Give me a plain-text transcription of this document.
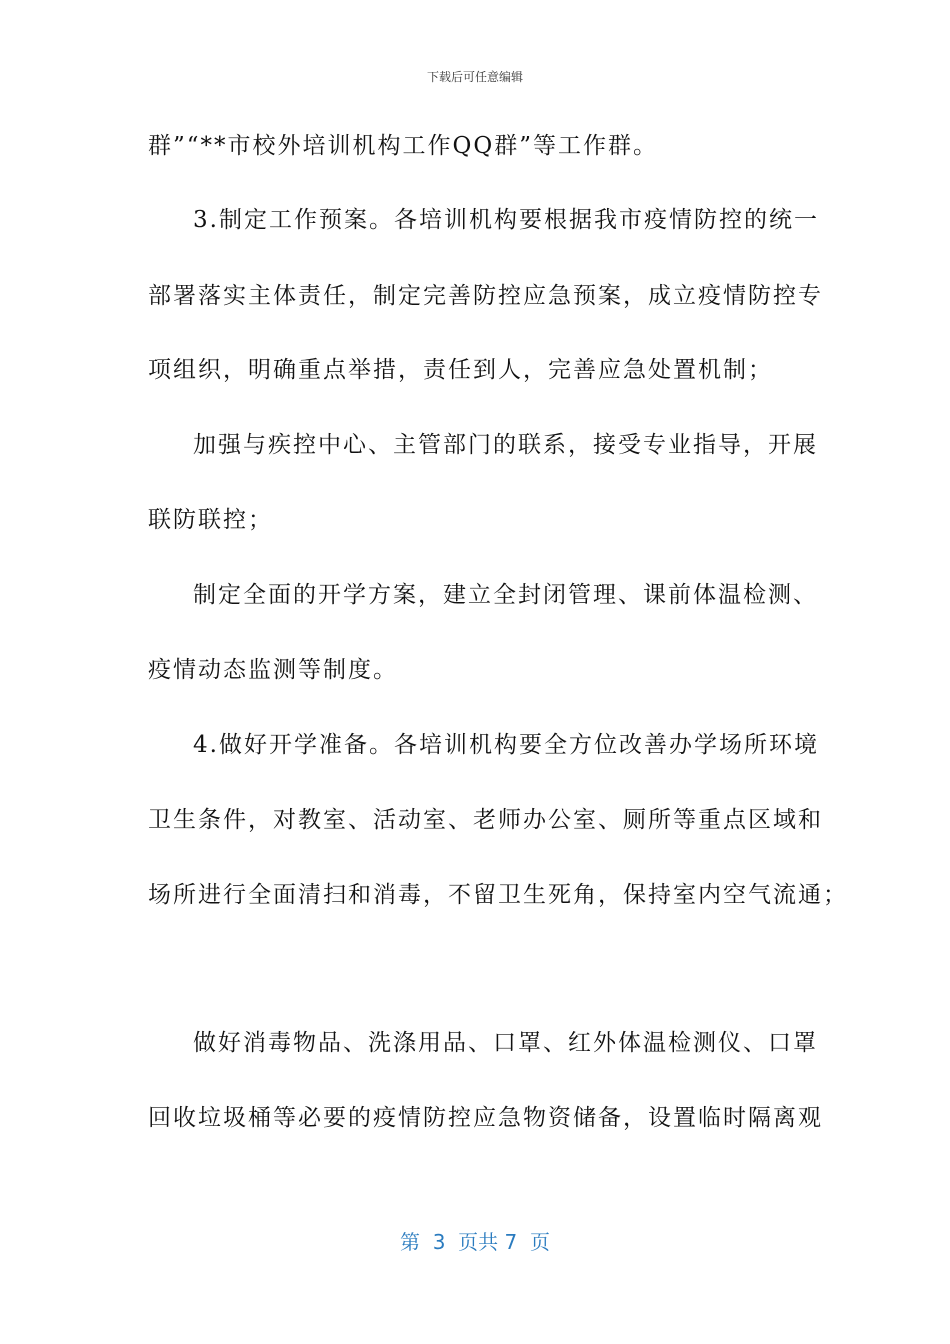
下载后可任意编辑
群”“**市校外培训机构工作QQ群”等工作群。
3.制定工作预案。各培训机构要根据我市疫情防控的统一
部署落实主体责任，制定完善防控应急预案，成立疫情防控专
项组织，明确重点举措，责任到人，完善应急处置机制；
加强与疾控中心、主管部门的联系，接受专业指导，开展
联防联控；
制定全面的开学方案，建立全封闭管理、课前体温检测、
疫情动态监测等制度。
4.做好开学准备。各培训机构要全方位改善办学场所环境
卫生条件，对教室、活动室、老师办公室、厕所等重点区域和
场所进行全面清扫和消毒，不留卫生死角，保持室内空气流通；
做好消毒物品、洗涤用品、口罩、红外体温检测仪、口罩
回收垃圾桶等必要的疫情防控应急物资储备，设置临时隔离观
第  3  页共 7  页
